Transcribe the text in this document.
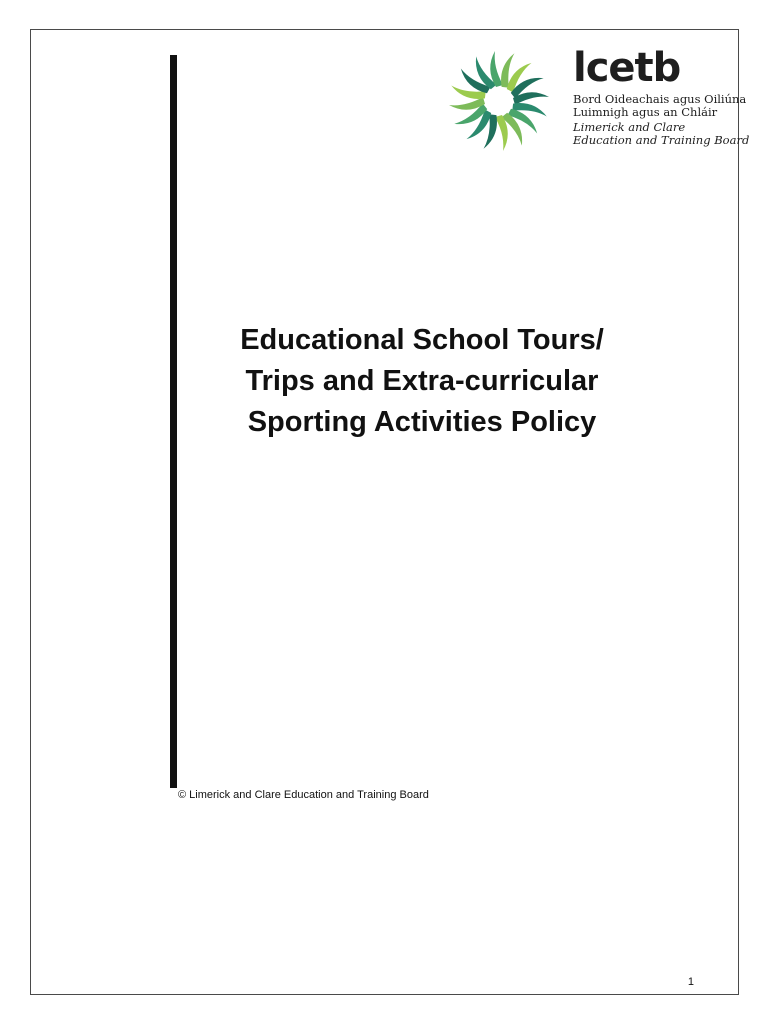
lcetb

Bord Oideachais agus Oiliúna

Luimnigh agus an Chláir

Limerick and Clare

Education and Training Board

Educational School Tours/
Trips and Extra-curricular
Sporting Activities Policy

© Limerick and Clare Education and Training Board

1
